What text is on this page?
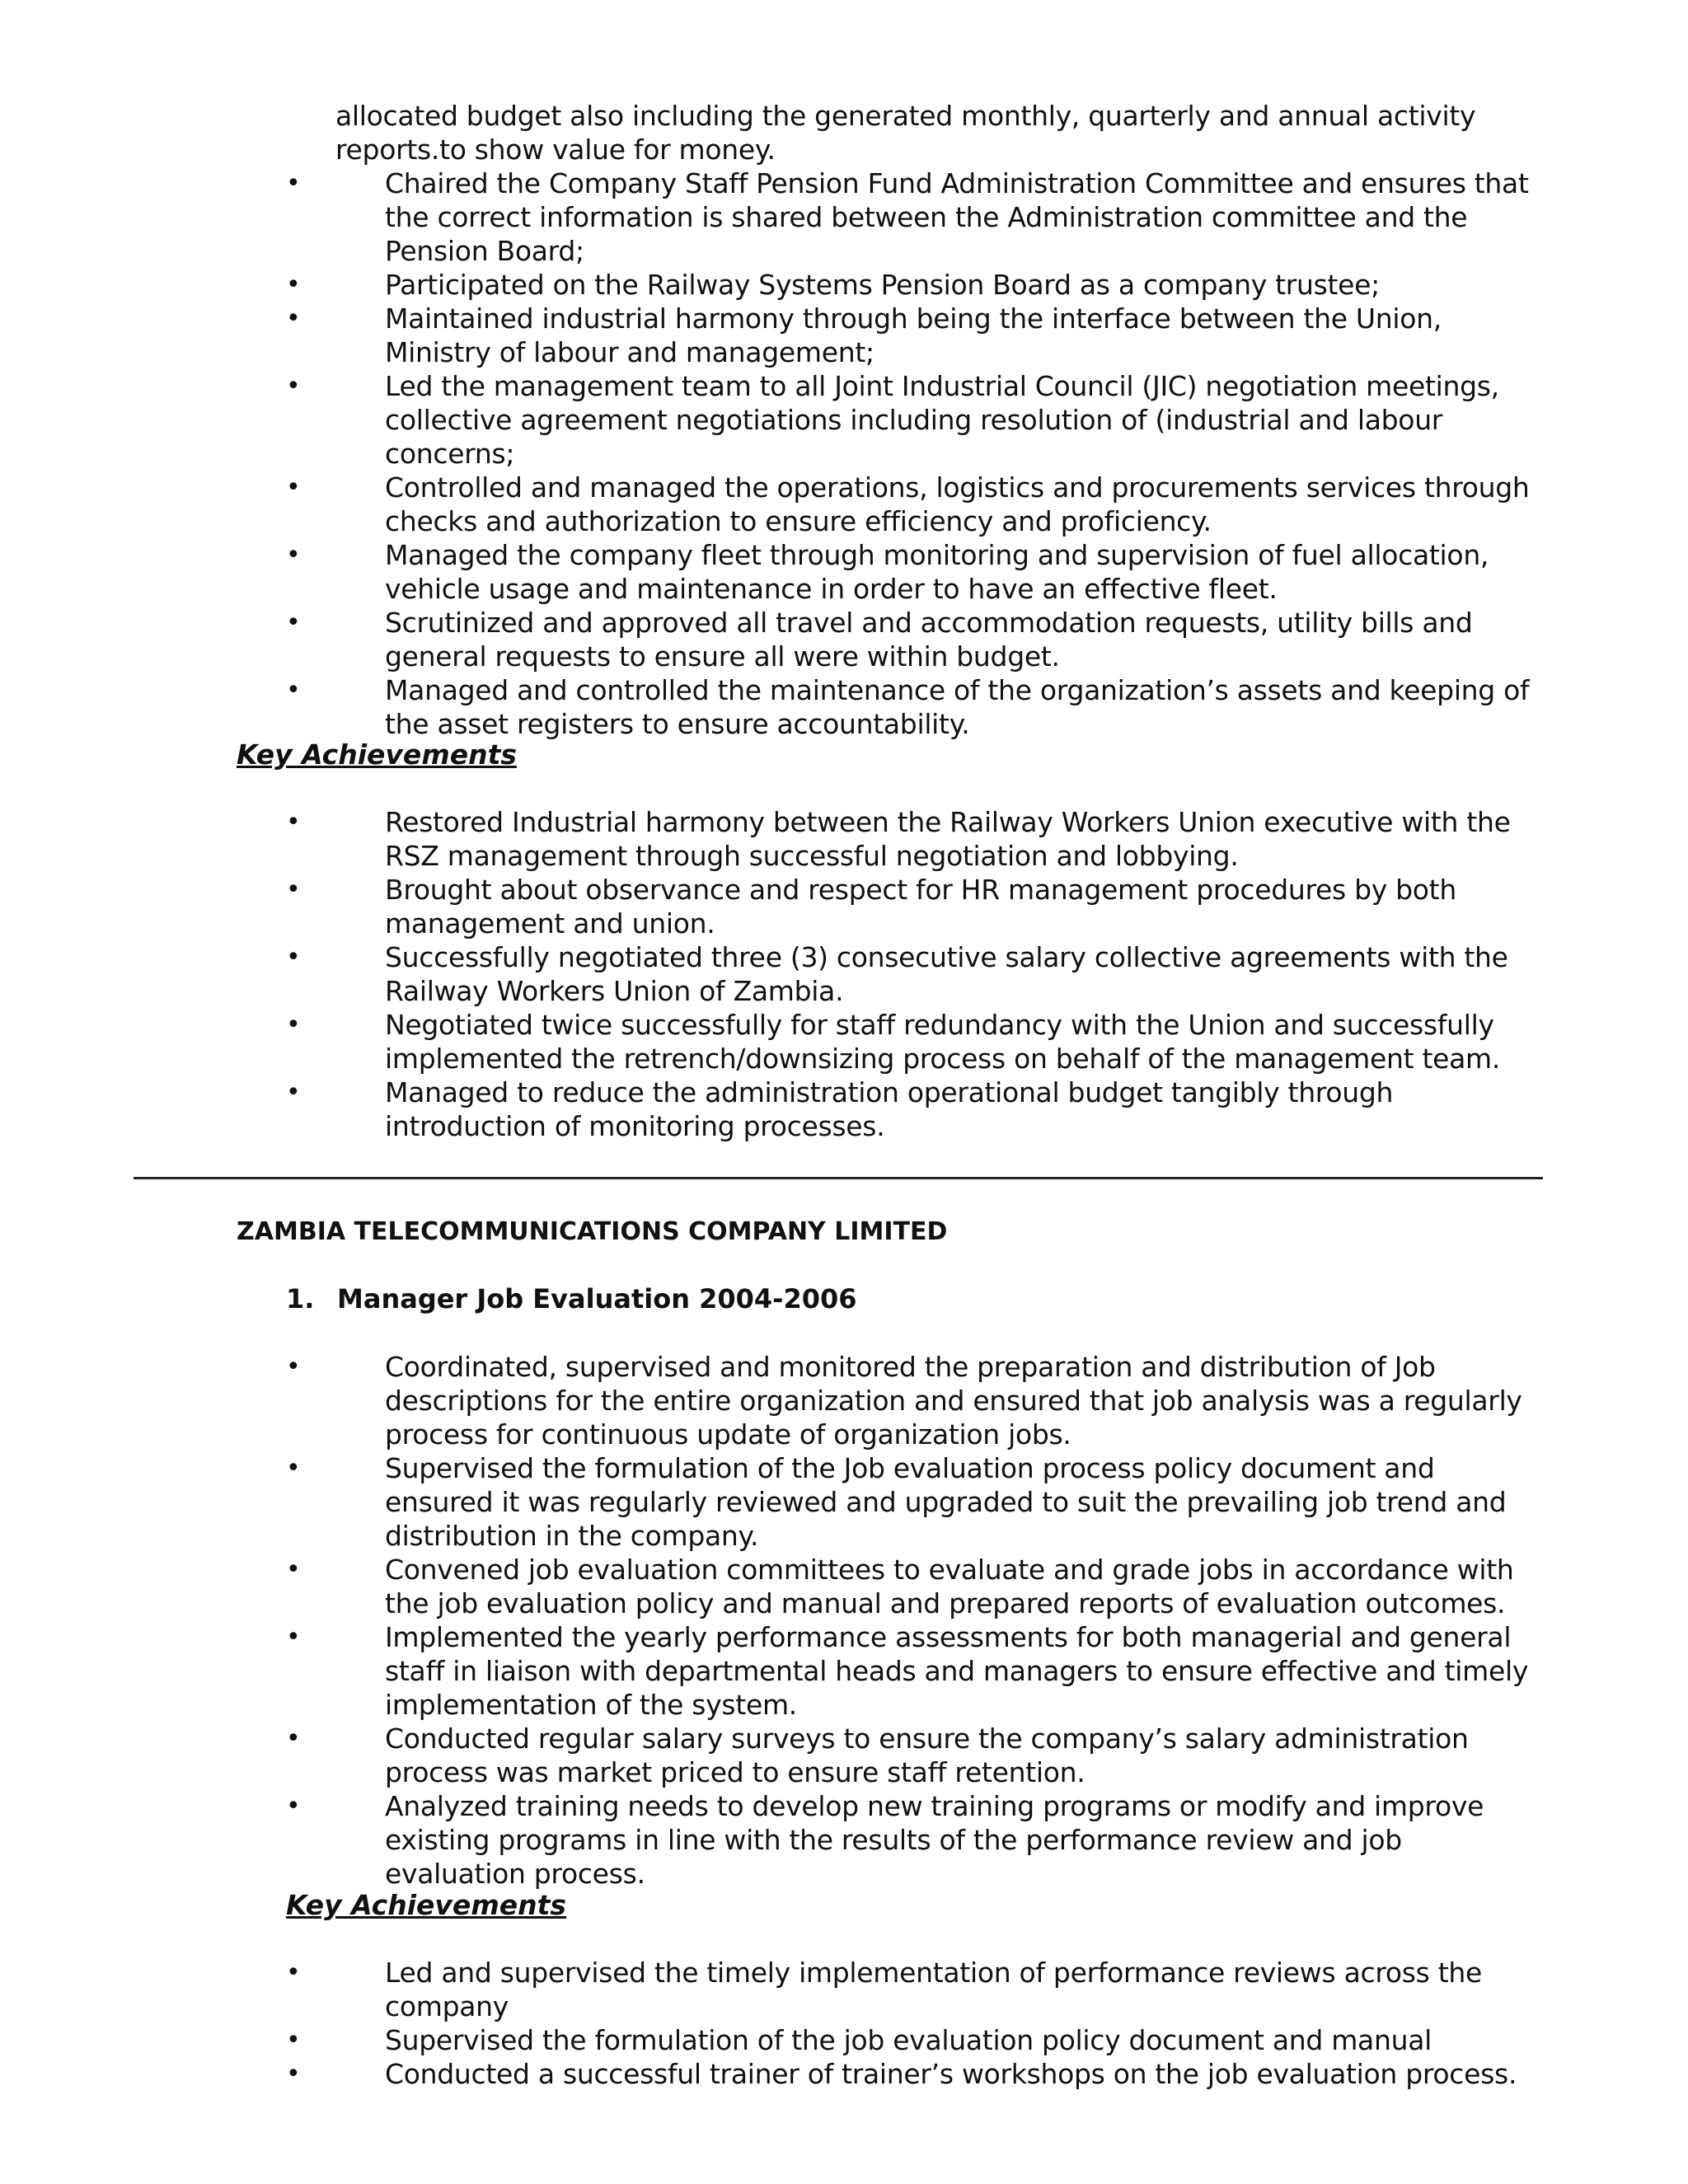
allocated budget also including the generated monthly, quarterly and annual activity
reports.to show value for money.
• Chaired the Company Staff Pension Fund Administration Committee and ensures that the correct information is shared between the Administration committee and the Pension Board;
• Participated on the Railway Systems Pension Board as a company trustee;
• Maintained industrial harmony through being the interface between the Union, Ministry of labour and management;
• Led the management team to all Joint Industrial Council (JIC) negotiation meetings, collective agreement negotiations including resolution of (industrial and labour concerns;
• Controlled and managed the operations, logistics and procurements services through checks and authorization to ensure efficiency and proficiency.
• Managed the company fleet through monitoring and supervision of fuel allocation, vehicle usage and maintenance in order to have an effective fleet.
• Scrutinized and approved all travel and accommodation requests, utility bills and general requests to ensure all were within budget.
• Managed and controlled the maintenance of the organization’s assets and keeping of the asset registers to ensure accountability.
Key Achievements
• Restored Industrial harmony between the Railway Workers Union executive with the RSZ management through successful negotiation and lobbying.
• Brought about observance and respect for HR management procedures by both management and union.
• Successfully negotiated three (3) consecutive salary collective agreements with the Railway Workers Union of Zambia.
• Negotiated twice successfully for staff redundancy with the Union and successfully implemented the retrench/downsizing process on behalf of the management team.
• Managed to reduce the administration operational budget tangibly through introduction of monitoring processes.
ZAMBIA TELECOMMUNICATIONS COMPANY LIMITED
1. Manager Job Evaluation 2004-2006
• Coordinated, supervised and monitored the preparation and distribution of Job descriptions for the entire organization and ensured that job analysis was a regularly process for continuous update of organization jobs.
• Supervised the formulation of the Job evaluation process policy document and ensured it was regularly reviewed and upgraded to suit the prevailing job trend and distribution in the company.
• Convened job evaluation committees to evaluate and grade jobs in accordance with the job evaluation policy and manual and prepared reports of evaluation outcomes.
• Implemented the yearly performance assessments for both managerial and general staff in liaison with departmental heads and managers to ensure effective and timely implementation of the system.
• Conducted regular salary surveys to ensure the company’s salary administration process was market priced to ensure staff retention.
• Analyzed training needs to develop new training programs or modify and improve existing programs in line with the results of the performance review and job evaluation process.
Key Achievements
• Led and supervised the timely implementation of performance reviews across the company
• Supervised the formulation of the job evaluation policy document and manual
• Conducted a successful trainer of trainer’s workshops on the job evaluation process.
